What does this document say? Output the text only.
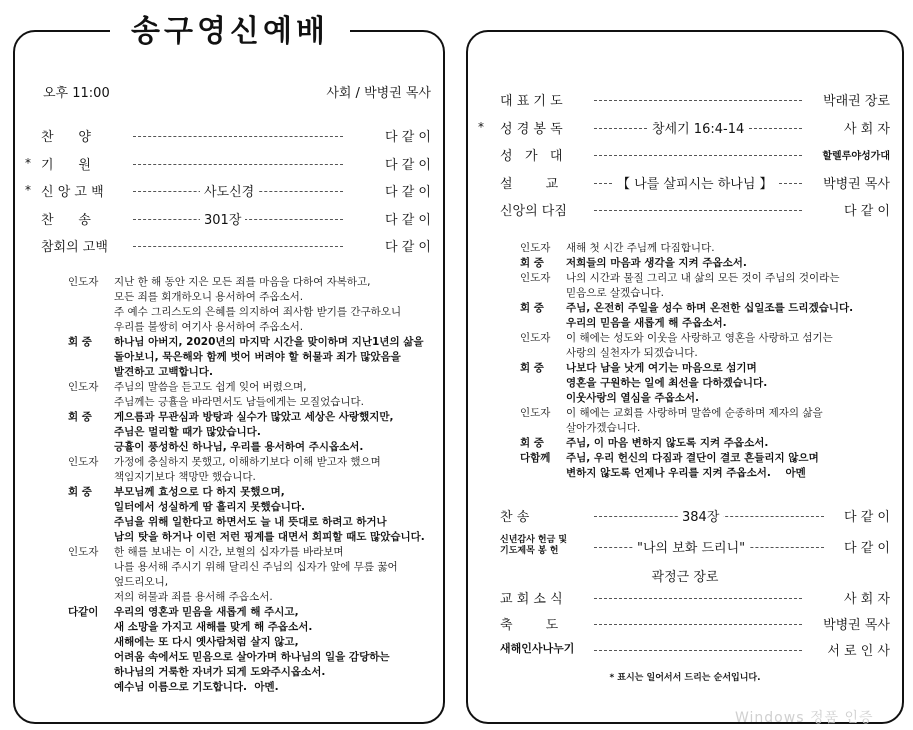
송구영신예배
오후 11:00	사회 / 박병권 목사
찬      양	다 같 이
* 기      원	다 같 이
* 신 앙 고 백	사도신경	다 같 이
찬      송	301장	다 같 이
참회의 고백	다 같 이
인도자	지난 한 해 동안 지은 모든 죄를 마음을 다하여 자복하고,
모든 죄를 회개하오니 용서하여 주옵소서.
주 예수 그리스도의 은혜를 의지하여 죄사함 받기를 간구하오니
우리를 불쌍히 여기사 용서하여 주옵소서.
회 중	하나님 아버지, 2020년의 마지막 시간을 맞이하며 지난1년의 삶을
돌아보니, 묵은해와 함께 벗어 버려야 할 허물과 죄가 많았음을
발견하고 고백합니다.
인도자	주님의 말씀을 듣고도 쉽게 잊어 버렸으며,
주님께는 긍휼을 바라면서도 남들에게는 모질었습니다.
회 중	게으름과 무관심과 방탕과 실수가 많았고 세상은 사랑했지만,
주님은 멀리할 때가 많았습니다.
긍휼이 풍성하신 하나님, 우리를 용서하여 주시옵소서.
인도자	가정에 충실하지 못했고, 이해하기보다 이해 받고자 했으며
책임지기보다 책망만 했습니다.
회 중	부모님께 효성으로 다 하지 못했으며,
일터에서 성실하게 땀 흘리지 못했습니다.
주님을 위해 일한다고 하면서도 늘 내 뜻대로 하려고 하거나
남의 탓을 하거나 이런 저런 핑계를 대면서 회피할 때도 많았습니다.
인도자	한 해를 보내는 이 시간, 보혈의 십자가를 바라보며
나를 용서해 주시기 위해 달리신 주님의 십자가 앞에 무릎 꿇어
엎드리오니,
저의 허물과 죄를 용서해 주옵소서.
다같이	우리의 영혼과 믿음을 새롭게 해 주시고,
새 소망을 가지고 새해를 맞게 해 주옵소서.
새해에는 또 다시 옛사람처럼 살지 않고,
어려움 속에서도 믿음으로 살아가며 하나님의 일을 감당하는
하나님의 거룩한 자녀가 되게 도와주시옵소서.
예수님 이름으로 기도합니다.  아멘.
대 표 기 도	박래권 장로
* 성 경 봉 독	창세기 16:4-14	사 회 자
성   가   대	할렐루야성가대
설        교	【 나를 살피시는 하나님 】	박병권 목사
신앙의 다짐	다 같 이
인도자	새해 첫 시간 주님께 다짐합니다.
회 중	저희들의 마음과 생각을 지켜 주옵소서.
인도자	나의 시간과 물질 그리고 내 삶의 모든 것이 주님의 것이라는
믿음으로 살겠습니다.
회 중	주님, 온전히 주일을 성수 하며 온전한 십일조를 드리겠습니다.
우리의 믿음을 새롭게 해 주옵소서.
인도자	이 해에는 성도와 이웃을 사랑하고 영혼을 사랑하고 섬기는
사랑의 실천자가 되겠습니다.
회 중	나보다 남을 낫게 여기는 마음으로 섬기며
영혼을 구원하는 일에 최선을 다하겠습니다.
이웃사랑의 열심을 주옵소서.
인도자	이 해에는 교회를 사랑하며 말씀에 순종하며 제자의 삶을
살아가겠습니다.
회 중	주님, 이 마음 변하지 않도록 지켜 주옵소서.
다함께	주님, 우리 헌신의 다짐과 결단이 결코 흔들리지 않으며
변하지 않도록 언제나 우리를 지켜 주옵소서.    아멘
찬 송	384장	다 같 이
신년감사 헌금 및
기도제목 봉 헌	"나의 보화 드리니"	다 같 이
곽정근 장로
교 회 소 식	사 회 자
축        도	박병권 목사
새해인사나누기	서 로 인 사
* 표시는 일어서서 드리는 순서입니다.
Windows 정품 인증
